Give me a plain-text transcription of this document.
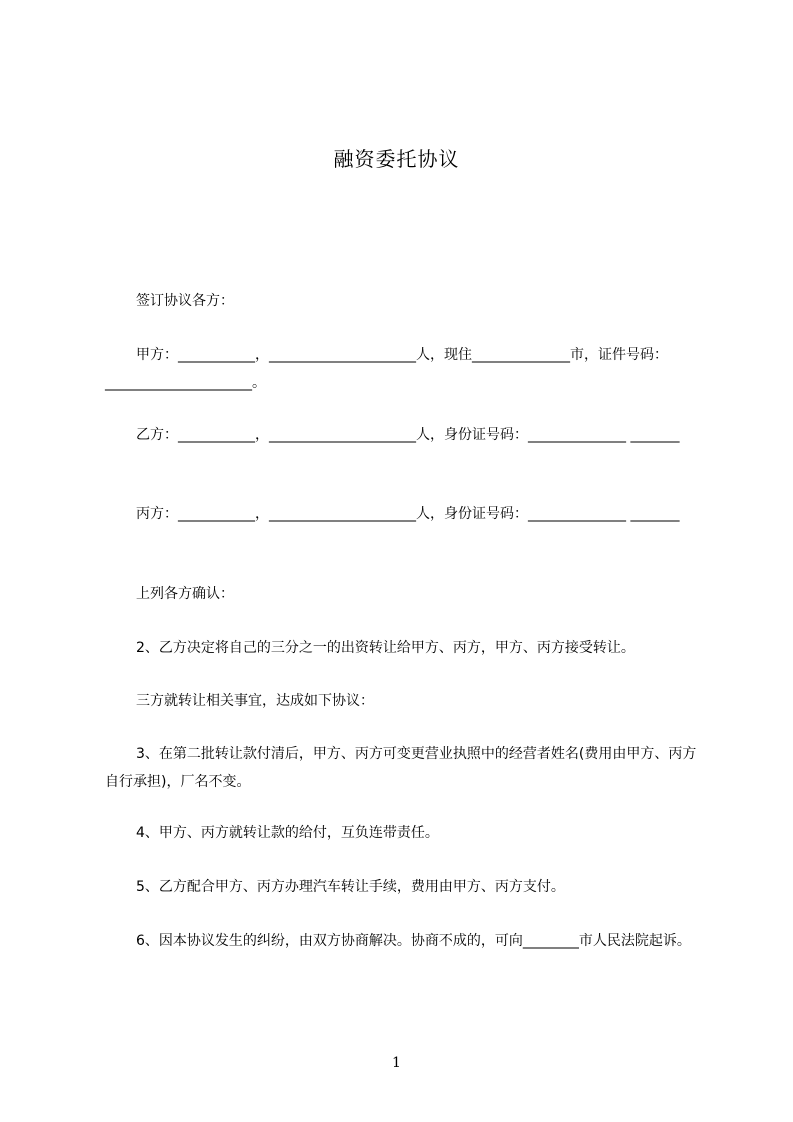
融资委托协议
签订协议各方：
甲方：___________，_____________________人，现住______________市，证件号码：_____________________。
乙方：___________，_____________________人，身份证号码：______________ _______
丙方：___________，_____________________人，身份证号码：______________ _______
上列各方确认：
2、乙方决定将自己的三分之一的出资转让给甲方、丙方，甲方、丙方接受转让。
三方就转让相关事宜，达成如下协议：
3、在第二批转让款付清后，甲方、丙方可变更营业执照中的经营者姓名(费用由甲方、丙方自行承担)，厂名不变。
4、甲方、丙方就转让款的给付，互负连带责任。
5、乙方配合甲方、丙方办理汽车转让手续，费用由甲方、丙方支付。
6、因本协议发生的纠纷，由双方协商解决。协商不成的，可向________市人民法院起诉。
1
